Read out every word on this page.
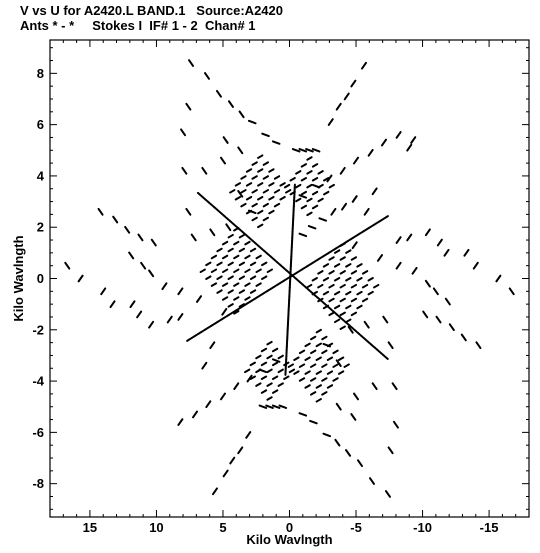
V vs U for A2420.L BAND.1   Source:A2420
Ants * - *     Stokes I  IF# 1 - 2  Chan# 1
15	10	5	0	-5	-10	-15
8
6
4
2
0
-2
-4
-6
-8
Kilo Wavlngth
Kilo Wavlngth
